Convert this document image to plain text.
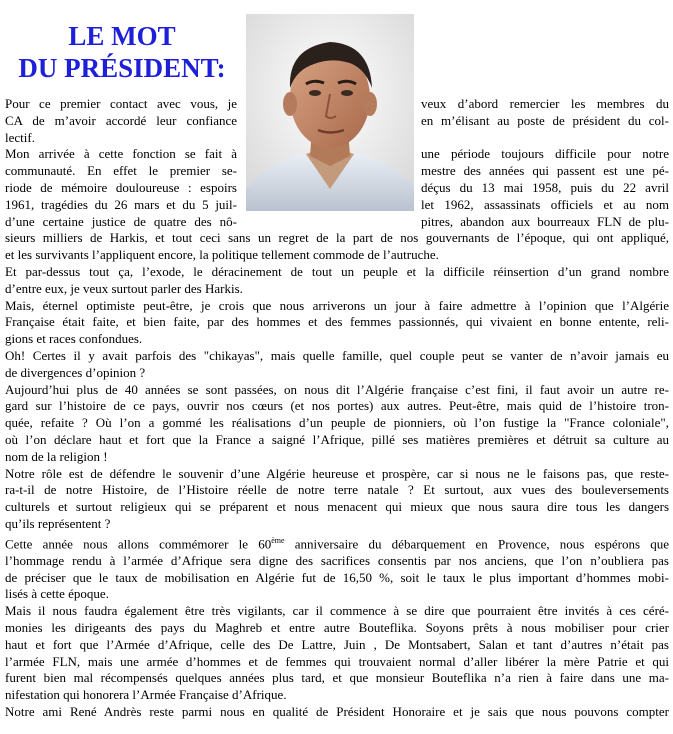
LE MOT
DU PRÉSIDENT:
Pour ce premier contact avec vous, je
CA de m’avoir accordé leur confiance
lectif.
Mon arrivée à cette fonction se fait à
communauté. En effet le premier se-
riode de mémoire douloureuse : espoirs
1961, tragédies du 26 mars et du 5 juil-
d’une certaine justice de quatre des nô-
veux d’abord remercier les membres du
en m’élisant au poste de président du col-
une période toujours difficile pour notre
mestre des années qui passent est une pé-
déçus du 13 mai 1958, puis du 22 avril
let 1962, assassinats officiels et au nom
pitres, abandon aux bourreaux FLN de plu-
sieurs milliers de Harkis, et tout ceci sans un regret de la part de nos gouvernants de l’époque, qui ont appliqué,
et les survivants l’appliquent encore, la politique tellement commode de l’autruche.
Et par-dessus tout ça, l’exode, le déracinement de tout un peuple et la difficile réinsertion d’un grand nombre
d’entre eux, je veux surtout parler des Harkis.
Mais, éternel optimiste peut-être, je crois que nous arriverons un jour à faire admettre à l’opinion que l’Algérie
Française était faite, et bien faite, par des hommes et des femmes passionnés, qui vivaient en bonne entente, reli-
gions et races confondues.
Oh! Certes il y avait parfois des "chikayas", mais quelle famille, quel couple peut se vanter de n’avoir jamais eu
de divergences d’opinion ?
Aujourd’hui plus de 40 années se sont passées, on nous dit l’Algérie française c’est fini, il faut avoir un autre re-
gard sur l’histoire de ce pays, ouvrir nos cœurs (et nos portes) aux autres. Peut-être, mais quid de l’histoire tron-
quée, refaite ? Où l’on a gommé les réalisations d’un peuple de pionniers, où l’on fustige la "France coloniale",
où l’on déclare haut et fort que la France a saigné l’Afrique, pillé ses matières premières et détruit sa culture au
nom de la religion !
Notre rôle est de défendre le souvenir d’une Algérie heureuse et prospère, car si nous ne le faisons pas, que reste-
ra-t-il de notre Histoire, de l’Histoire réelle de notre terre natale ? Et surtout, aux vues des bouleversements
culturels et surtout religieux qui se préparent et nous menacent qui mieux que nous saura dire tous les dangers
qu’ils représentent ?
Cette année nous allons commémorer le 60ème anniversaire du débarquement en Provence, nous espérons que
l’hommage rendu à l’armée d’Afrique sera digne des sacrifices consentis par nos anciens, que l’on n’oubliera pas
de préciser que le taux de mobilisation en Algérie fut de 16,50 %, soit le taux le plus important d’hommes mobi-
lisés à cette époque.
Mais il nous faudra également être très vigilants, car il commence à se dire que pourraient être invités à ces céré-
monies les dirigeants des pays du Maghreb et entre autre Bouteflika. Soyons prêts à nous mobiliser pour crier
haut et fort que l’Armée d’Afrique, celle des De Lattre, Juin , De Montsabert, Salan et tant d’autres n’était pas
l’armée FLN, mais une armée d’hommes et de femmes qui trouvaient normal d’aller libérer la mère Patrie et qui
furent bien mal récompensés quelques années plus tard, et que monsieur Bouteflika n’a rien à faire dans une ma-
nifestation qui honorera l’Armée Française d’Afrique.
Notre ami René Andrès reste parmi nous en qualité de Président Honoraire et je sais que nous pouvons compter
